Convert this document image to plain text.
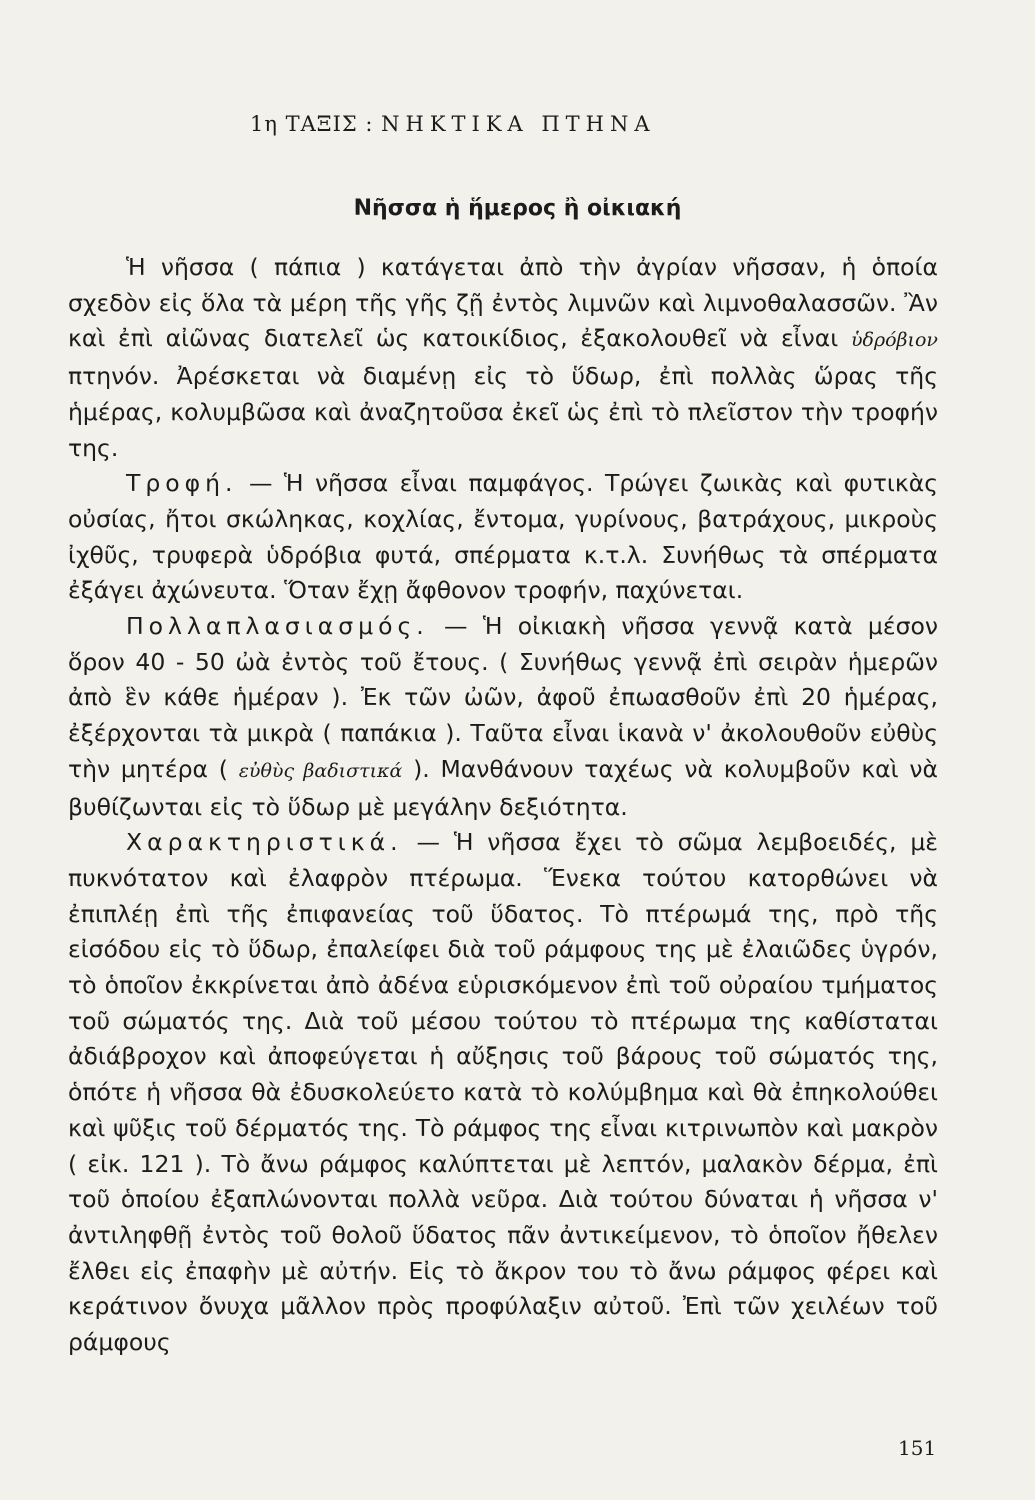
1η ΤΑΞΙΣ : ΝΗΚΤΙΚΑ ΠΤΗΝΑ
Νῆσσα ἡ ἥμερος ἢ οἰκιακή

Ἡ νῆσσα ( πάπια ) κατάγεται ἀπὸ τὴν ἀγρίαν νῆσσαν, ἡ ὁποία σχεδὸν εἰς ὅλα τὰ μέρη τῆς γῆς ζῇ ἐντὸς λιμνῶν καὶ λιμνοθαλασσῶν. Ἂν καὶ ἐπὶ αἰῶνας διατελεῖ ὡς κατοικίδιος, ἐξακολουθεῖ νὰ εἶναι ὑδρόβιον πτηνόν. Ἀρέσκεται νὰ διαμένῃ εἰς τὸ ὕδωρ, ἐπὶ πολλὰς ὥρας τῆς ἡμέρας, κολυμβῶσα καὶ ἀναζητοῦσα ἐκεῖ ὡς ἐπὶ τὸ πλεῖστον τὴν τροφήν της.

Τροφή. — Ἡ νῆσσα εἶναι παμφάγος. Τρώγει ζωικὰς καὶ φυτικὰς οὐσίας, ἤτοι σκώληκας, κοχλίας, ἔντομα, γυρίνους, βατράχους, μικροὺς ἰχθῦς, τρυφερὰ ὑδρόβια φυτά, σπέρματα κ.τ.λ. Συνήθως τὰ σπέρματα ἐξάγει ἀχώνευτα. Ὅταν ἔχῃ ἄφθονον τροφήν, παχύνεται.

Πολλαπλασιασμός. — Ἡ οἰκιακὴ νῆσσα γεννᾷ κατὰ μέσον ὅρον 40 - 50 ὠὰ ἐντὸς τοῦ ἔτους. ( Συνήθως γεννᾷ ἐπὶ σειρὰν ἡμερῶν ἀπὸ ἓν κάθε ἡμέραν ). Ἐκ τῶν ὠῶν, ἀφοῦ ἐπωασθοῦν ἐπὶ 20 ἡμέρας, ἐξέρχονται τὰ μικρὰ ( παπάκια ). Ταῦτα εἶναι ἱκανὰ ν' ἀκολουθοῦν εὐθὺς τὴν μητέρα ( εὐθὺς βαδιστικά ). Μανθάνουν ταχέως νὰ κολυμβοῦν καὶ νὰ βυθίζωνται εἰς τὸ ὕδωρ μὲ μεγάλην δεξιότητα.

Χαρακτηριστικά. — Ἡ νῆσσα ἔχει τὸ σῶμα λεμβοειδές, μὲ πυκνότατον καὶ ἐλαφρὸν πτέρωμα. Ἕνεκα τούτου κατορθώνει νὰ ἐπιπλέῃ ἐπὶ τῆς ἐπιφανείας τοῦ ὕδατος. Τὸ πτέρωμά της, πρὸ τῆς εἰσόδου εἰς τὸ ὕδωρ, ἐπαλείφει διὰ τοῦ ράμφους της μὲ ἐλαιῶδες ὑγρόν, τὸ ὁποῖον ἐκκρίνεται ἀπὸ ἀδένα εὑρισκόμενον ἐπὶ τοῦ οὐραίου τμήματος τοῦ σώματός της. Διὰ τοῦ μέσου τούτου τὸ πτέρωμα της καθίσταται ἀδιάβροχον καὶ ἀποφεύγεται ἡ αὔξησις τοῦ βάρους τοῦ σώματός της, ὁπότε ἡ νῆσσα θὰ ἐδυσκολεύετο κατὰ τὸ κολύμβημα καὶ θὰ ἐπηκολούθει καὶ ψῦξις τοῦ δέρματός της. Τὸ ράμφος της εἶναι κιτρινωπὸν καὶ μακρὸν ( εἰκ. 121 ). Τὸ ἄνω ράμφος καλύπτεται μὲ λεπτόν, μαλακὸν δέρμα, ἐπὶ τοῦ ὁποίου ἐξαπλώνονται πολλὰ νεῦρα. Διὰ τούτου δύναται ἡ νῆσσα ν' ἀντιληφθῇ ἐντὸς τοῦ θολοῦ ὕδατος πᾶν ἀντικείμενον, τὸ ὁποῖον ἤθελεν ἔλθει εἰς ἐπαφὴν μὲ αὐτήν. Εἰς τὸ ἄκρον του τὸ ἄνω ράμφος φέρει καὶ κεράτινον ὄνυχα μᾶλλον πρὸς προφύλαξιν αὐτοῦ. Ἐπὶ τῶν χειλέων τοῦ ράμφους

151
